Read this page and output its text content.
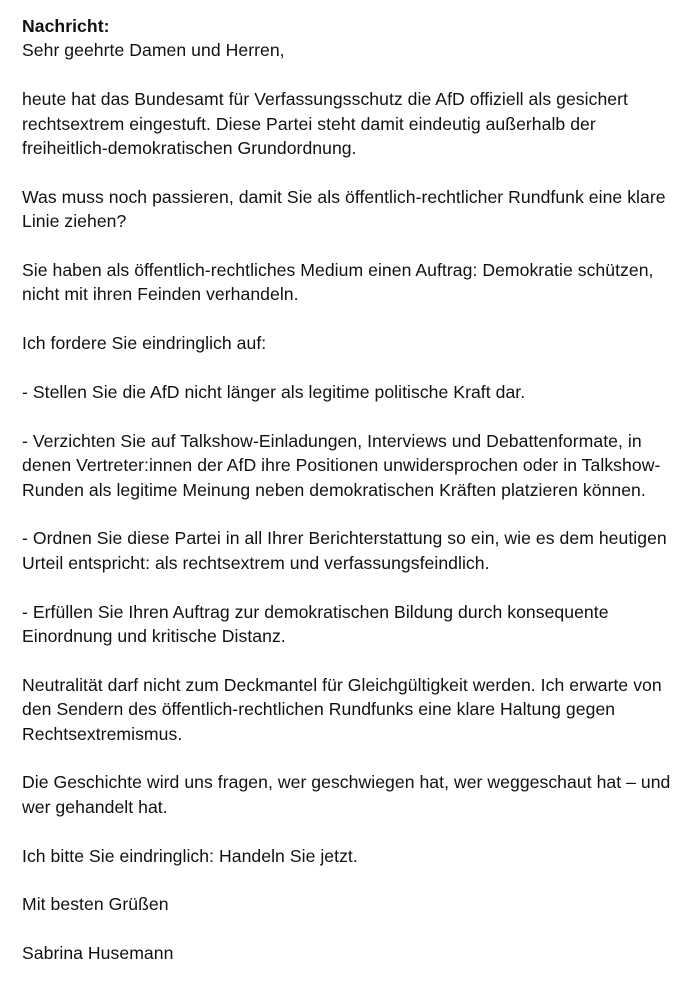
Nachricht:

Sehr geehrte Damen und Herren,

heute hat das Bundesamt für Verfassungsschutz die AfD offiziell als gesichert rechtsextrem eingestuft. Diese Partei steht damit eindeutig außerhalb der freiheitlich-demokratischen Grundordnung.

Was muss noch passieren, damit Sie als öffentlich-rechtlicher Rundfunk eine klare Linie ziehen?

Sie haben als öffentlich-rechtliches Medium einen Auftrag: Demokratie schützen, nicht mit ihren Feinden verhandeln.

Ich fordere Sie eindringlich auf:

- Stellen Sie die AfD nicht länger als legitime politische Kraft dar.

- Verzichten Sie auf Talkshow-Einladungen, Interviews und Debattenformate, in denen Vertreter:innen der AfD ihre Positionen unwidersprochen oder in Talkshow-Runden als legitime Meinung neben demokratischen Kräften platzieren können.

- Ordnen Sie diese Partei in all Ihrer Berichterstattung so ein, wie es dem heutigen Urteil entspricht: als rechtsextrem und verfassungsfeindlich.

- Erfüllen Sie Ihren Auftrag zur demokratischen Bildung durch konsequente Einordnung und kritische Distanz.

Neutralität darf nicht zum Deckmantel für Gleichgültigkeit werden. Ich erwarte von den Sendern des öffentlich-rechtlichen Rundfunks eine klare Haltung gegen Rechtsextremismus.

Die Geschichte wird uns fragen, wer geschwiegen hat, wer weggeschaut hat – und wer gehandelt hat.

Ich bitte Sie eindringlich: Handeln Sie jetzt.

Mit besten Grüßen

Sabrina Husemann
